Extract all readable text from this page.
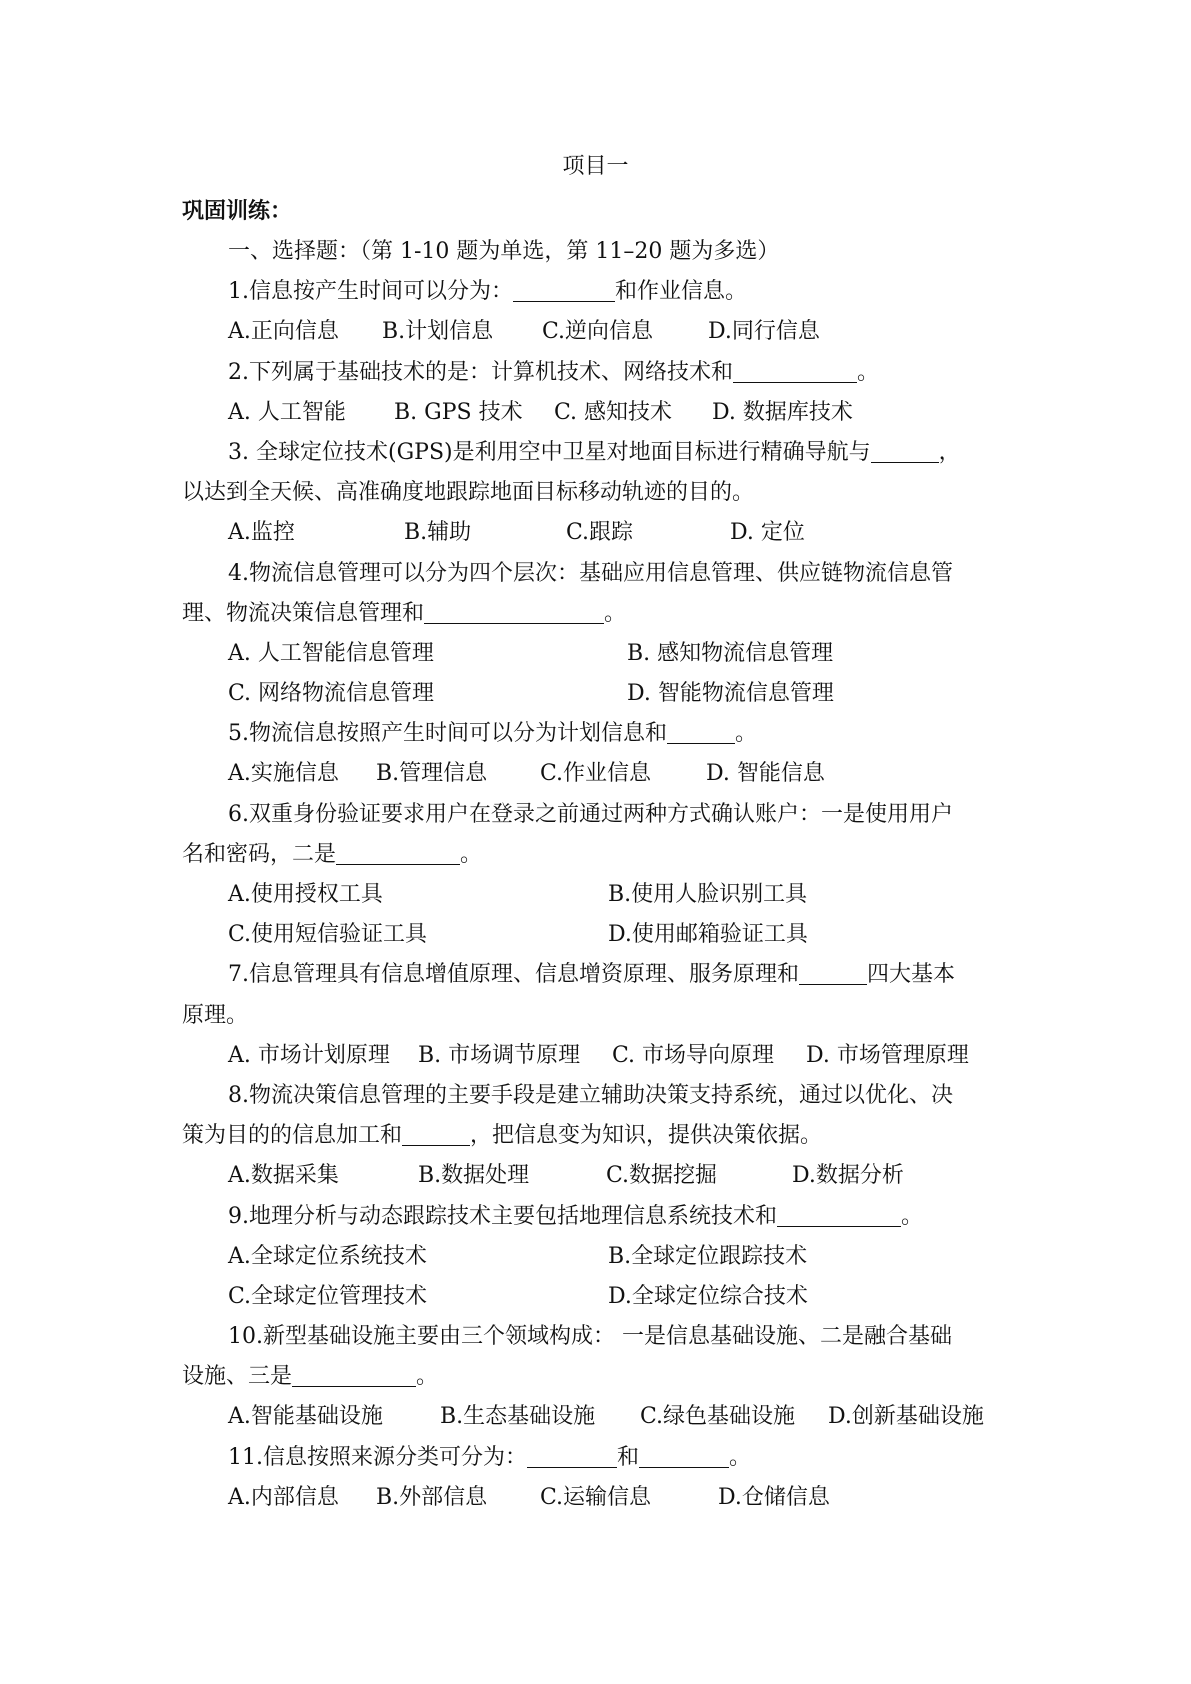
项目一
巩固训练：
一、选择题：（第 1-10 题为单选，第 11–20 题为多选）
1.信息按产生时间可以分为：	和作业信息。
A.正向信息 B.计划信息 C.逆向信息 D.同行信息
2.下列属于基础技术的是：计算机技术、网络技术和	。
A. 人工智能 B. GPS 技术 C. 感知技术 D. 数据库技术
3. 全球定位技术(GPS)是利用空中卫星对地面目标进行精确导航与	，
以达到全天候、高准确度地跟踪地面目标移动轨迹的目的。
A.监控	B.辅助	C.跟踪	D. 定位
4.物流信息管理可以分为四个层次：基础应用信息管理、供应链物流信息管
理、物流决策信息管理和	。
A. 人工智能信息管理	B. 感知物流信息管理
C. 网络物流信息管理	D. 智能物流信息管理
5.物流信息按照产生时间可以分为计划信息和	。
A.实施信息 B.管理信息 C.作业信息 D. 智能信息
6.双重身份验证要求用户在登录之前通过两种方式确认账户：一是使用用户
名和密码，二是	。
A.使用授权工具	B.使用人脸识别工具
C.使用短信验证工具	D.使用邮箱验证工具
7.信息管理具有信息增值原理、信息增资原理、服务原理和	四大基本
原理。
A. 市场计划原理 B. 市场调节原理 C. 市场导向原理 D. 市场管理原理
8.物流决策信息管理的主要手段是建立辅助决策支持系统，通过以优化、决
策为目的的信息加工和	，把信息变为知识，提供决策依据。
A.数据采集	B.数据处理	C.数据挖掘	D.数据分析
9.地理分析与动态跟踪技术主要包括地理信息系统技术和	。
A.全球定位系统技术	B.全球定位跟踪技术
C.全球定位管理技术	D.全球定位综合技术
10.新型基础设施主要由三个领域构成： 一是信息基础设施、二是融合基础
设施、三是	。
A.智能基础设施	B.生态基础设施 C.绿色基础设施 D.创新基础设施
11.信息按照来源分类可分为：	和	。
A.内部信息 B.外部信息 C.运输信息	D.仓储信息
